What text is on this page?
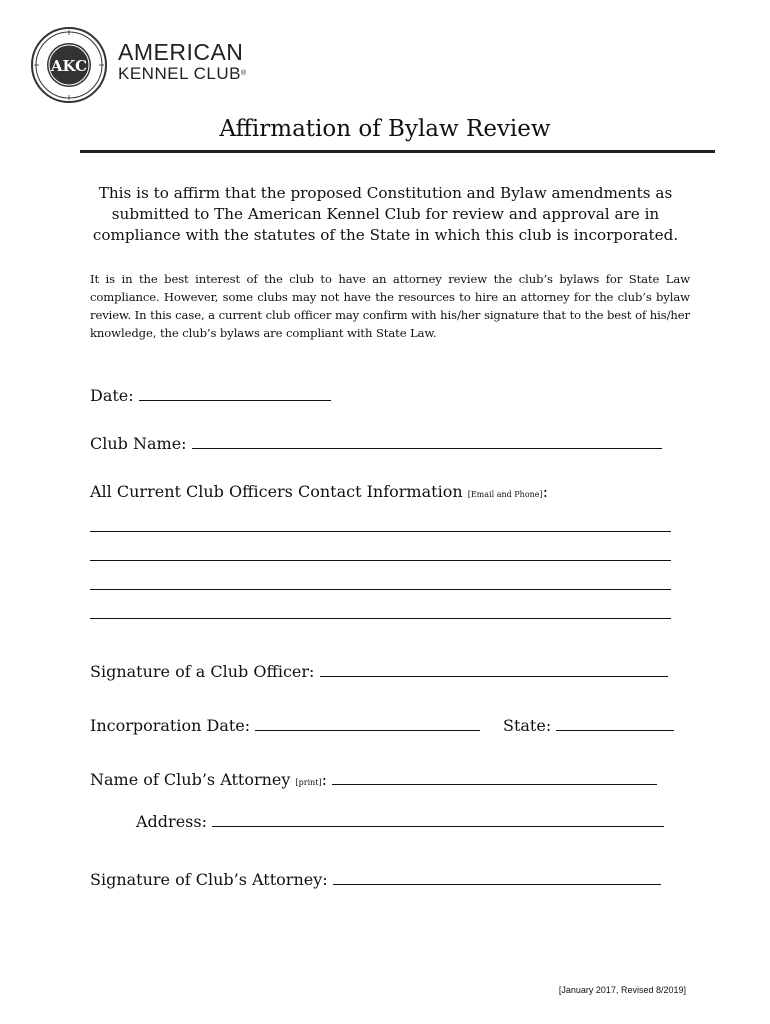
AKC
AMERICAN
KENNEL CLUB®
Affirmation of Bylaw Review
This is to affirm that the proposed Constitution and Bylaw amendments as submitted to The American Kennel Club for review and approval are in compliance with the statutes of the State in which this club is incorporated.
It is in the best interest of the club to have an attorney review the club’s bylaws for State Law compliance. However, some clubs may not have the resources to hire an attorney for the club’s bylaw review. In this case, a current club officer may confirm with his/her signature that to the best of his/her knowledge, the club’s bylaws are compliant with State Law.
Date:
Club Name:
All Current Club Officers Contact Information [Email and Phone]:
Signature of a Club Officer:
Incorporation Date:	State:
Name of Club’s Attorney [print]:
Address:
Signature of Club’s Attorney:
[January 2017, Revised 8/2019]
